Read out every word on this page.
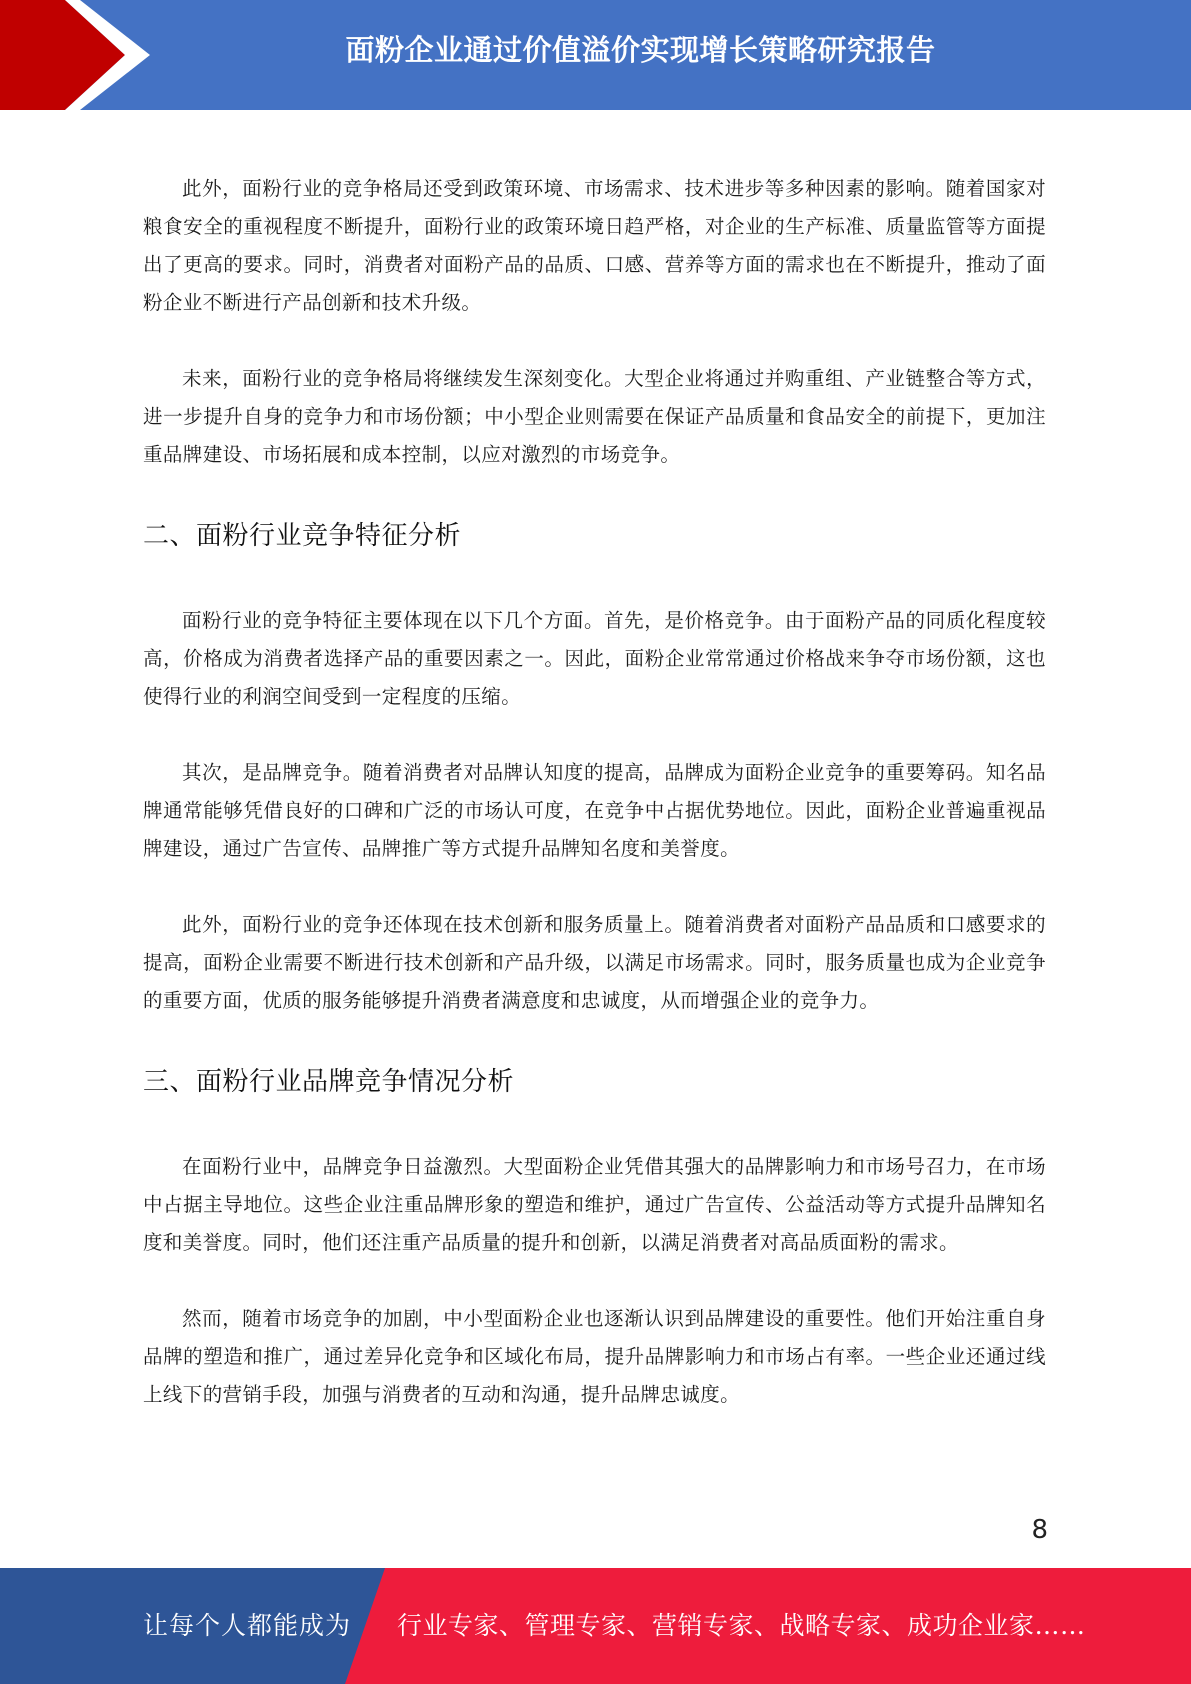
面粉企业通过价值溢价实现增长策略研究报告

此外，面粉行业的竞争格局还受到政策环境、市场需求、技术进步等多种因素的影响。随着国家对粮食安全的重视程度不断提升，面粉行业的政策环境日趋严格，对企业的生产标准、质量监管等方面提出了更高的要求。同时，消费者对面粉产品的品质、口感、营养等方面的需求也在不断提升，推动了面粉企业不断进行产品创新和技术升级。

未来，面粉行业的竞争格局将继续发生深刻变化。大型企业将通过并购重组、产业链整合等方式，进一步提升自身的竞争力和市场份额；中小型企业则需要在保证产品质量和食品安全的前提下，更加注重品牌建设、市场拓展和成本控制，以应对激烈的市场竞争。

二、面粉行业竞争特征分析

面粉行业的竞争特征主要体现在以下几个方面。首先，是价格竞争。由于面粉产品的同质化程度较高，价格成为消费者选择产品的重要因素之一。因此，面粉企业常常通过价格战来争夺市场份额，这也使得行业的利润空间受到一定程度的压缩。

其次，是品牌竞争。随着消费者对品牌认知度的提高，品牌成为面粉企业竞争的重要筹码。知名品牌通常能够凭借良好的口碑和广泛的市场认可度，在竞争中占据优势地位。因此，面粉企业普遍重视品牌建设，通过广告宣传、品牌推广等方式提升品牌知名度和美誉度。

此外，面粉行业的竞争还体现在技术创新和服务质量上。随着消费者对面粉产品品质和口感要求的提高，面粉企业需要不断进行技术创新和产品升级，以满足市场需求。同时，服务质量也成为企业竞争的重要方面，优质的服务能够提升消费者满意度和忠诚度，从而增强企业的竞争力。

三、面粉行业品牌竞争情况分析

在面粉行业中，品牌竞争日益激烈。大型面粉企业凭借其强大的品牌影响力和市场号召力，在市场中占据主导地位。这些企业注重品牌形象的塑造和维护，通过广告宣传、公益活动等方式提升品牌知名度和美誉度。同时，他们还注重产品质量的提升和创新，以满足消费者对高品质面粉的需求。

然而，随着市场竞争的加剧，中小型面粉企业也逐渐认识到品牌建设的重要性。他们开始注重自身品牌的塑造和推广，通过差异化竞争和区域化布局，提升品牌影响力和市场占有率。一些企业还通过线上线下的营销手段，加强与消费者的互动和沟通，提升品牌忠诚度。

8
让每个人都能成为 行业专家、管理专家、营销专家、战略专家、成功企业家……
